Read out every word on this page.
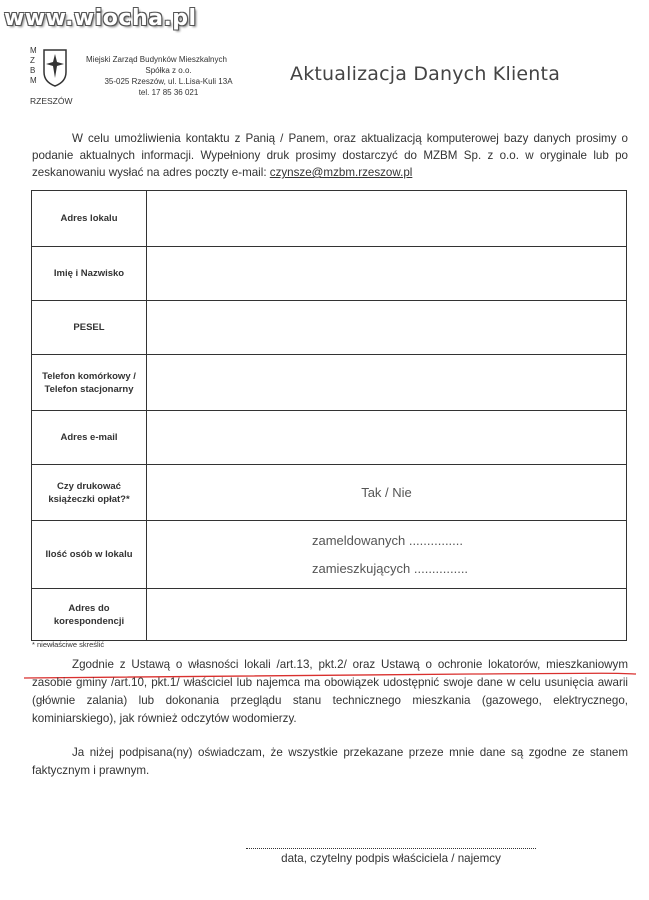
www.wiocha.pl
M
Z
B
M
RZESZÓW
Miejski Zarząd Budynków Mieszkalnych
Spółka z o.o.
35-025 Rzeszów, ul. L.Lisa-Kuli 13A
tel. 17 85 36 021
Aktualizacja Danych Klienta

W celu umożliwienia kontaktu z Panią / Panem, oraz aktualizacją komputerowej bazy danych prosimy o podanie aktualnych informacji. Wypełniony druk prosimy dostarczyć do MZBM Sp. z o.o. w oryginale lub po zeskanowaniu wysłać na adres poczty e-mail: czynsze@mzbm.rzeszow.pl

Adres lokalu	
Imię i Nazwisko	
PESEL	
Telefon komórkowy / Telefon stacjonarny	
Adres e-mail	
Czy drukować książeczki opłat?*	Tak / Nie
Ilość osób w lokalu	zameldowanych ...............
zamieszkujących ...............

Adres do korespondencji	
* niewłaściwe skreślić

Zgodnie z Ustawą o własności lokali /art.13, pkt.2/ oraz Ustawą o ochronie lokatorów, mieszkaniowym zasobie gminy /art.10, pkt.1/ właściciel lub najemca ma obowiązek udostępnić swoje dane w celu usunięcia awarii (głównie zalania) lub dokonania przeglądu stanu technicznego mieszkania (gazowego, elektrycznego, kominiarskiego), jak również odczytów wodomierzy.

Ja niżej podpisana(ny) oświadczam, że wszystkie przekazane przeze mnie dane są zgodne ze stanem faktycznym i prawnym.

data, czytelny podpis właściciela / najemcy
